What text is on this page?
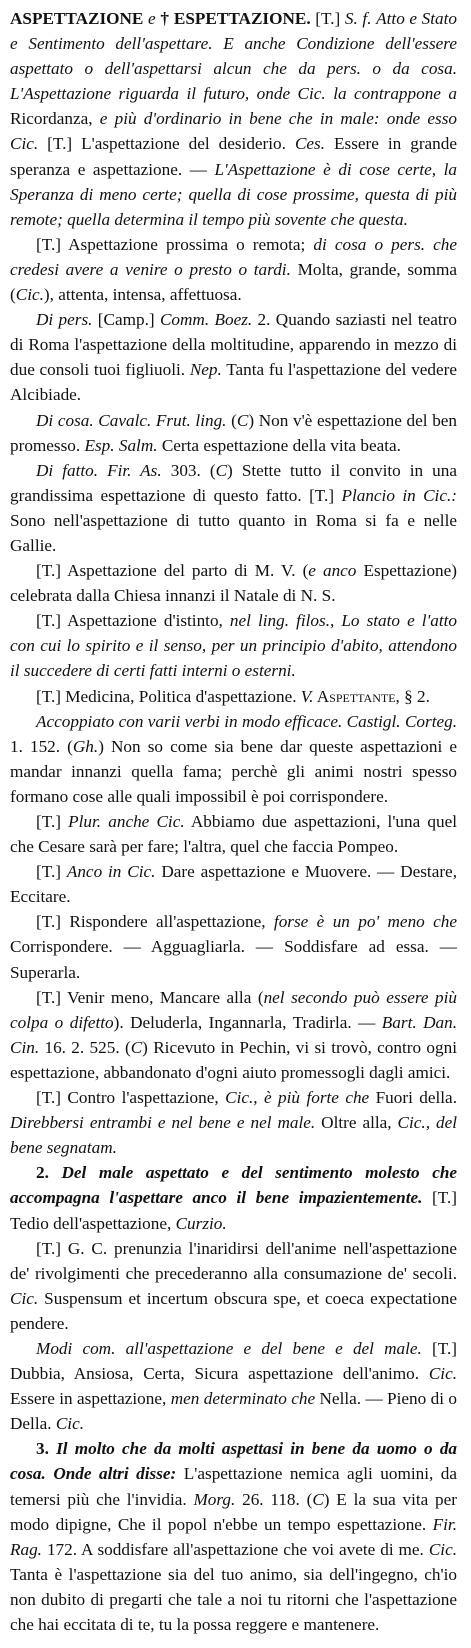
ASPETTAZIONE e † ESPETTAZIONE. [T.] S. f. Atto e Stato e Sentimento dell'aspettare. E anche Condizione dell'essere aspettato o dell'aspettarsi alcun che da pers. o da cosa. L'Aspettazione riguarda il futuro, onde Cic. la contrappone a Ricordanza, e più d'ordinario in bene che in male: onde esso Cic. [T.] L'aspettazione del desiderio. Ces. Essere in grande speranza e aspettazione. — L'Aspettazione è di cose certe, la Speranza di meno certe; quella di cose prossime, questa di più remote; quella determina il tempo più sovente che questa.

[T.] Aspettazione prossima o remota; di cosa o pers. che credesi avere a venire o presto o tardi. Molta, grande, somma (Cic.), attenta, intensa, affettuosa.

Di pers. [Camp.] Comm. Boez. 2. Quando saziasti nel teatro di Roma l'aspettazione della moltitudine, apparendo in mezzo di due consoli tuoi figliuoli. Nep. Tanta fu l'aspettazione del vedere Alcibiade.

Di cosa. Cavalc. Frut. ling. (C) Non v'è espettazione del ben promesso. Esp. Salm. Certa espettazione della vita beata.

Di fatto. Fir. As. 303. (C) Stette tutto il convito in una grandissima espettazione di questo fatto. [T.] Plancio in Cic.: Sono nell'aspettazione di tutto quanto in Roma si fa e nelle Gallie.

[T.] Aspettazione del parto di M. V. (e anco Espettazione) celebrata dalla Chiesa innanzi il Natale di N. S.

[T.] Aspettazione d'istinto, nel ling. filos., Lo stato e l'atto con cui lo spirito e il senso, per un principio d'abito, attendono il succedere di certi fatti interni o esterni.

[T.] Medicina, Politica d'aspettazione. V. Aspettante, § 2.

Accoppiato con varii verbi in modo efficace. Castigl. Corteg. 1. 152. (Gh.) Non so come sia bene dar queste aspettazioni e mandar innanzi quella fama; perchè gli animi nostri spesso formano cose alle quali impossibil è poi corrispondere.

[T.] Plur. anche Cic. Abbiamo due aspettazioni, l'una quel che Cesare sarà per fare; l'altra, quel che faccia Pompeo.

[T.] Anco in Cic. Dare aspettazione e Muovere. — Destare, Eccitare.

[T.] Rispondere all'aspettazione, forse è un po' meno che Corrispondere. — Agguagliarla. — Soddisfare ad essa. — Superarla.

[T.] Venir meno, Mancare alla (nel secondo può essere più colpa o difetto). Deluderla, Ingannarla, Tradirla. — Bart. Dan. Cin. 16. 2. 525. (C) Ricevuto in Pechin, vi si trovò, contro ogni espettazione, abbandonato d'ogni aiuto promessogli dagli amici.

[T.] Contro l'aspettazione, Cic., è più forte che Fuori della. Direbbersi entrambi e nel bene e nel male. Oltre alla, Cic., del bene segnatam.

2. Del male aspettato e del sentimento molesto che accompagna l'aspettare anco il bene impazientemente. [T.] Tedio dell'aspettazione, Curzio.

[T.] G. C. prenunzia l'inaridirsi dell'anime nell'aspettazione de' rivolgimenti che precederanno alla consumazione de' secoli. Cic. Suspensum et incertum obscura spe, et coeca expectatione pendere.

Modi com. all'aspettazione e del bene e del male. [T.] Dubbia, Ansiosa, Certa, Sicura aspettazione dell'animo. Cic. Essere in aspettazione, men determinato che Nella. — Pieno di o Della. Cic.

3. Il molto che da molti aspettasi in bene da uomo o da cosa. Onde altri disse: L'aspettazione nemica agli uomini, da temersi più che l'invidia. Morg. 26. 118. (C) E la sua vita per modo dipigne, Che il popol n'ebbe un tempo espettazione. Fir. Rag. 172. A soddisfare all'aspettazione che voi avete di me. Cic. Tanta è l'aspettazione sia del tuo animo, sia dell'ingegno, ch'io non dubito di pregarti che tale a noi tu ritorni che l'aspettazione che hai eccitata di te, tu la possa reggere e mantenere.
